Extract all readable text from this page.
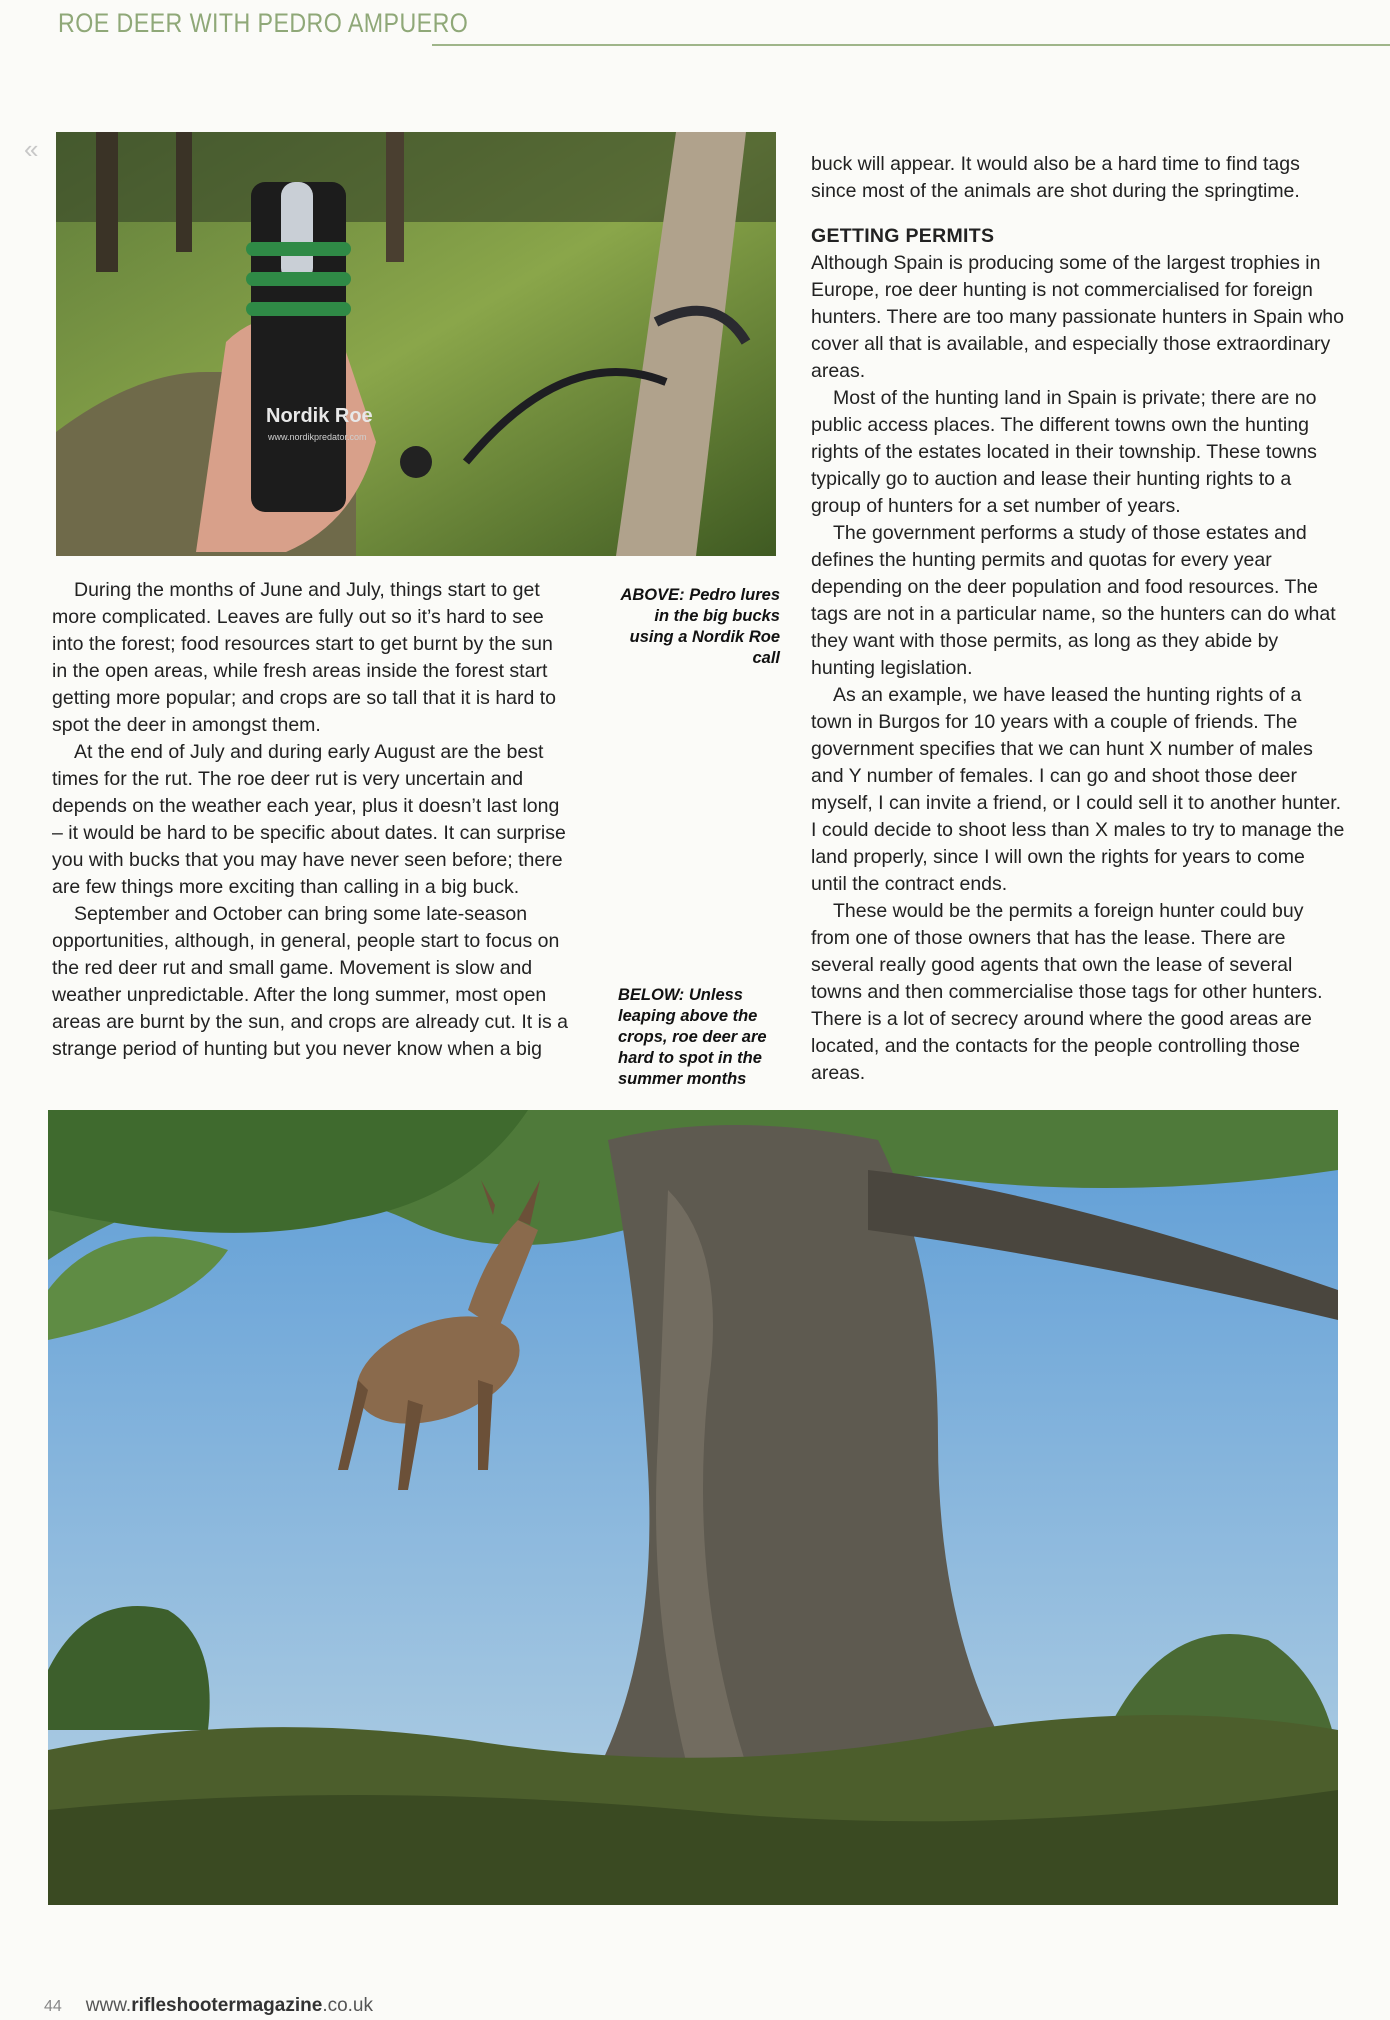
ROE DEER WITH PEDRO AMPUERO
«
Nordik Roe
www.nordikpredator.com

During the months of June and July, things start to get more complicated. Leaves are fully out so it’s hard to see into the forest; food resources start to get burnt by the sun in the open areas, while fresh areas inside the forest start getting more popular; and crops are so tall that it is hard to spot the deer in amongst them.

At the end of July and during early August are the best times for the rut. The roe deer rut is very uncertain and depends on the weather each year, plus it doesn’t last long – it would be hard to be specific about dates. It can surprise you with bucks that you may have never seen before; there are few things more exciting than calling in a big buck.

September and October can bring some late-season opportunities, although, in general, people start to focus on the red deer rut and small game. Movement is slow and weather unpredictable. After the long summer, most open areas are burnt by the sun, and crops are already cut. It is a strange period of hunting but you never know when a big

ABOVE: Pedro lures in the big bucks using a Nordik Roe call
BELOW: Unless leaping above the crops, roe deer are hard to spot in the summer months

buck will appear. It would also be a hard time to find tags since most of the animals are shot during the springtime.

GETTING PERMITS

Although Spain is producing some of the largest trophies in Europe, roe deer hunting is not commercialised for foreign hunters. There are too many passionate hunters in Spain who cover all that is available, and especially those extraordinary areas.

Most of the hunting land in Spain is private; there are no public access places. The different towns own the hunting rights of the estates located in their township. These towns typically go to auction and lease their hunting rights to a group of hunters for a set number of years.

The government performs a study of those estates and defines the hunting permits and quotas for every year depending on the deer population and food resources. The tags are not in a particular name, so the hunters can do what they want with those permits, as long as they abide by hunting legislation.

As an example, we have leased the hunting rights of a town in Burgos for 10 years with a couple of friends. The government specifies that we can hunt X number of males and Y number of females. I can go and shoot those deer myself, I can invite a friend, or I could sell it to another hunter. I could decide to shoot less than X males to try to manage the land properly, since I will own the rights for years to come until the contract ends.

These would be the permits a foreign hunter could buy from one of those owners that has the lease. There are several really good agents that own the lease of several towns and then commercialise those tags for other hunters. There is a lot of secrecy around where the good areas are located, and the contacts for the people controlling those areas.

44 www.rifleshootermagazine.co.uk
